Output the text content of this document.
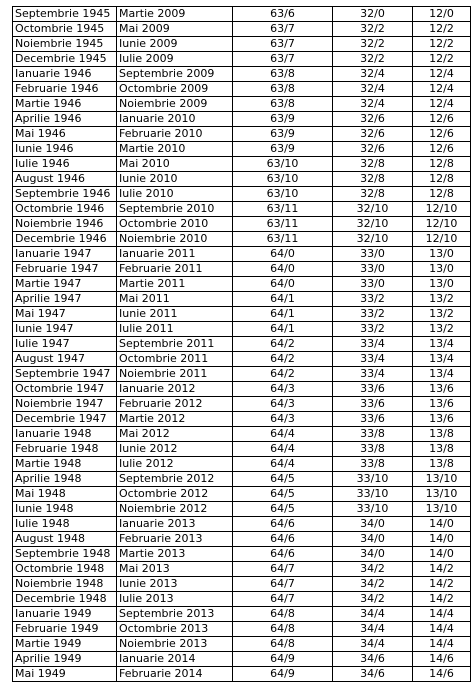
Septembrie 1945	Martie 2009	63/6	32/0	12/0
Octombrie 1945	Mai 2009	63/7	32/2	12/2
Noiembrie 1945	Iunie 2009	63/7	32/2	12/2
Decembrie 1945	Iulie 2009	63/7	32/2	12/2
Ianuarie 1946	Septembrie 2009	63/8	32/4	12/4
Februarie 1946	Octombrie 2009	63/8	32/4	12/4
Martie 1946	Noiembrie 2009	63/8	32/4	12/4
Aprilie 1946	Ianuarie 2010	63/9	32/6	12/6
Mai 1946	Februarie 2010	63/9	32/6	12/6
Iunie 1946	Martie 2010	63/9	32/6	12/6
Iulie 1946	Mai 2010	63/10	32/8	12/8
August 1946	Iunie 2010	63/10	32/8	12/8
Septembrie 1946	Iulie 2010	63/10	32/8	12/8
Octombrie 1946	Septembrie 2010	63/11	32/10	12/10
Noiembrie 1946	Octombrie 2010	63/11	32/10	12/10
Decembrie 1946	Noiembrie 2010	63/11	32/10	12/10
Ianuarie 1947	Ianuarie 2011	64/0	33/0	13/0
Februarie 1947	Februarie 2011	64/0	33/0	13/0
Martie 1947	Martie 2011	64/0	33/0	13/0
Aprilie 1947	Mai 2011	64/1	33/2	13/2
Mai 1947	Iunie 2011	64/1	33/2	13/2
Iunie 1947	Iulie 2011	64/1	33/2	13/2
Iulie 1947	Septembrie 2011	64/2	33/4	13/4
August 1947	Octombrie 2011	64/2	33/4	13/4
Septembrie 1947	Noiembrie 2011	64/2	33/4	13/4
Octombrie 1947	Ianuarie 2012	64/3	33/6	13/6
Noiembrie 1947	Februarie 2012	64/3	33/6	13/6
Decembrie 1947	Martie 2012	64/3	33/6	13/6
Ianuarie 1948	Mai 2012	64/4	33/8	13/8
Februarie 1948	Iunie 2012	64/4	33/8	13/8
Martie 1948	Iulie 2012	64/4	33/8	13/8
Aprilie 1948	Septembrie 2012	64/5	33/10	13/10
Mai 1948	Octombrie 2012	64/5	33/10	13/10
Iunie 1948	Noiembrie 2012	64/5	33/10	13/10
Iulie 1948	Ianuarie 2013	64/6	34/0	14/0
August 1948	Februarie 2013	64/6	34/0	14/0
Septembrie 1948	Martie 2013	64/6	34/0	14/0
Octombrie 1948	Mai 2013	64/7	34/2	14/2
Noiembrie 1948	Iunie 2013	64/7	34/2	14/2
Decembrie 1948	Iulie 2013	64/7	34/2	14/2
Ianuarie 1949	Septembrie 2013	64/8	34/4	14/4
Februarie 1949	Octombrie 2013	64/8	34/4	14/4
Martie 1949	Noiembrie 2013	64/8	34/4	14/4
Aprilie 1949	Ianuarie 2014	64/9	34/6	14/6
Mai 1949	Februarie 2014	64/9	34/6	14/6
